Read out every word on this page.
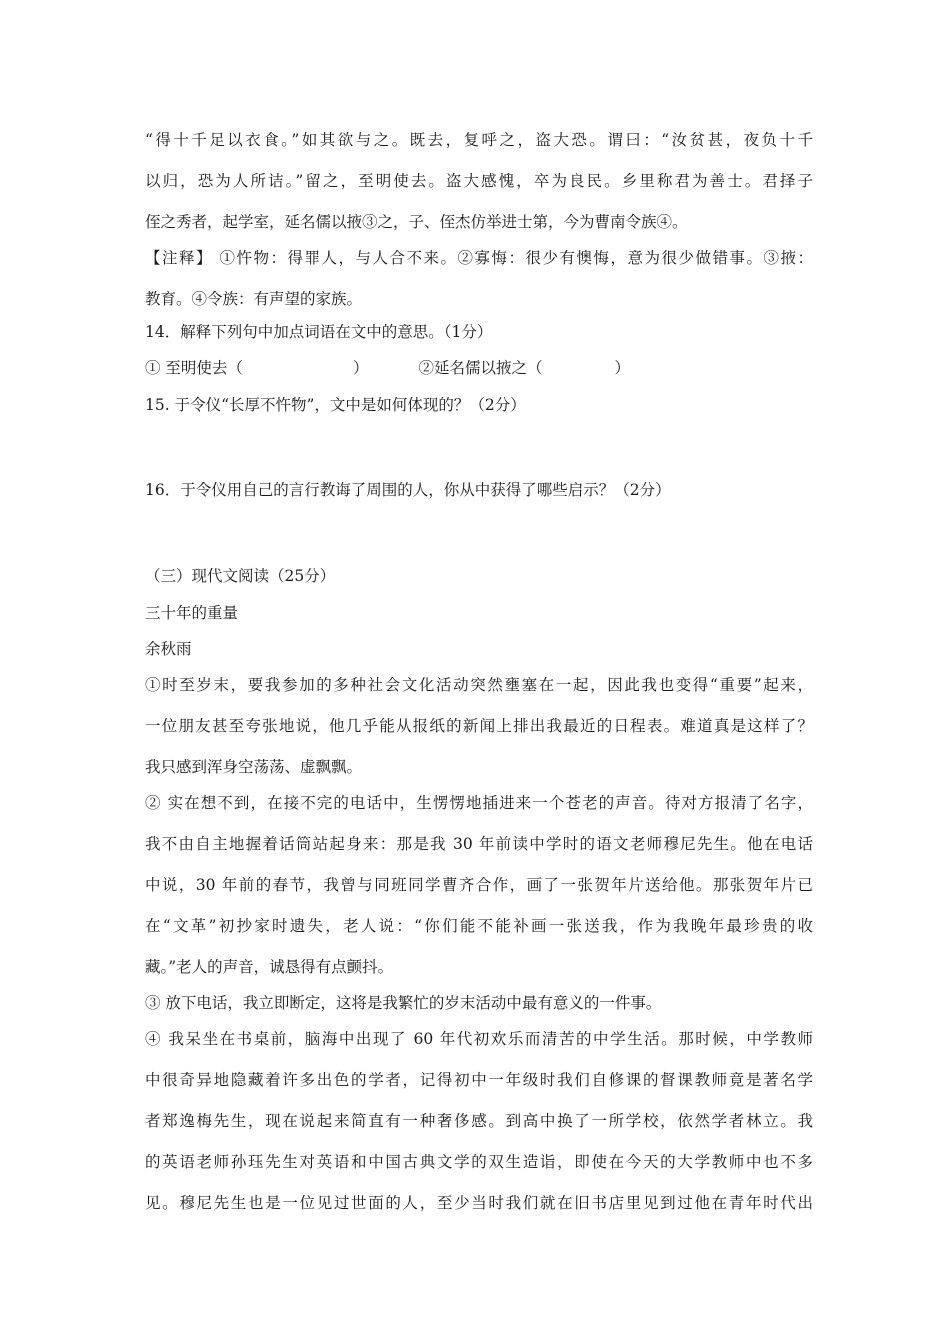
“得十千足以衣食。”如其欲与之。既去，复呼之，盗大恐。谓曰：“汝贫甚，夜负十千
以归，恐为人所诘。”留之，至明使去。盗大感愧，卒为良民。乡里称君为善士。君择子
侄之秀者，起学室，延名儒以掖③之，子、侄杰仿举进士第，今为曹南令族④。
【注释】 ①忤物：得罪人，与人合不来。②寡悔：很少有懊悔，意为很少做错事。③掖：
教育。④令族：有声望的家族。
14．解释下列句中加点词语在文中的意思。（1分）
① 至明使去（	）	②延名儒以掖之（	）
15. 于令仪“长厚不忤物”，文中是如何体现的？（2分）
16．于令仪用自己的言行教诲了周围的人，你从中获得了哪些启示？（2分）
（三）现代文阅读（25分）
三十年的重量
余秋雨
①时至岁末，要我参加的多种社会文化活动突然壅塞在一起，因此我也变得“重要”起来，
一位朋友甚至夸张地说，他几乎能从报纸的新闻上排出我最近的日程表。难道真是这样了？
我只感到浑身空荡荡、虚飘飘。
② 实在想不到，在接不完的电话中，生愣愣地插进来一个苍老的声音。待对方报清了名字，
我不由自主地握着话筒站起身来：那是我 30 年前读中学时的语文老师穆尼先生。他在电话
中说，30 年前的春节，我曾与同班同学曹齐合作，画了一张贺年片送给他。那张贺年片已
在“文革”初抄家时遗失，老人说：“你们能不能补画一张送我，作为我晚年最珍贵的收
藏。”老人的声音，诚恳得有点颤抖。
③ 放下电话，我立即断定，这将是我繁忙的岁末活动中最有意义的一件事。
④ 我呆坐在书桌前，脑海中出现了 60 年代初欢乐而清苦的中学生活。那时候，中学教师
中很奇异地隐藏着许多出色的学者，记得初中一年级时我们自修课的督课教师竟是著名学
者郑逸梅先生，现在说起来简直有一种奢侈感。到高中换了一所学校，依然学者林立。我
的英语老师孙珏先生对英语和中国古典文学的双生造诣，即使在今天的大学教师中也不多
见。穆尼先生也是一位见过世面的人，至少当时我们就在旧书店里见到过他在青年时代出
